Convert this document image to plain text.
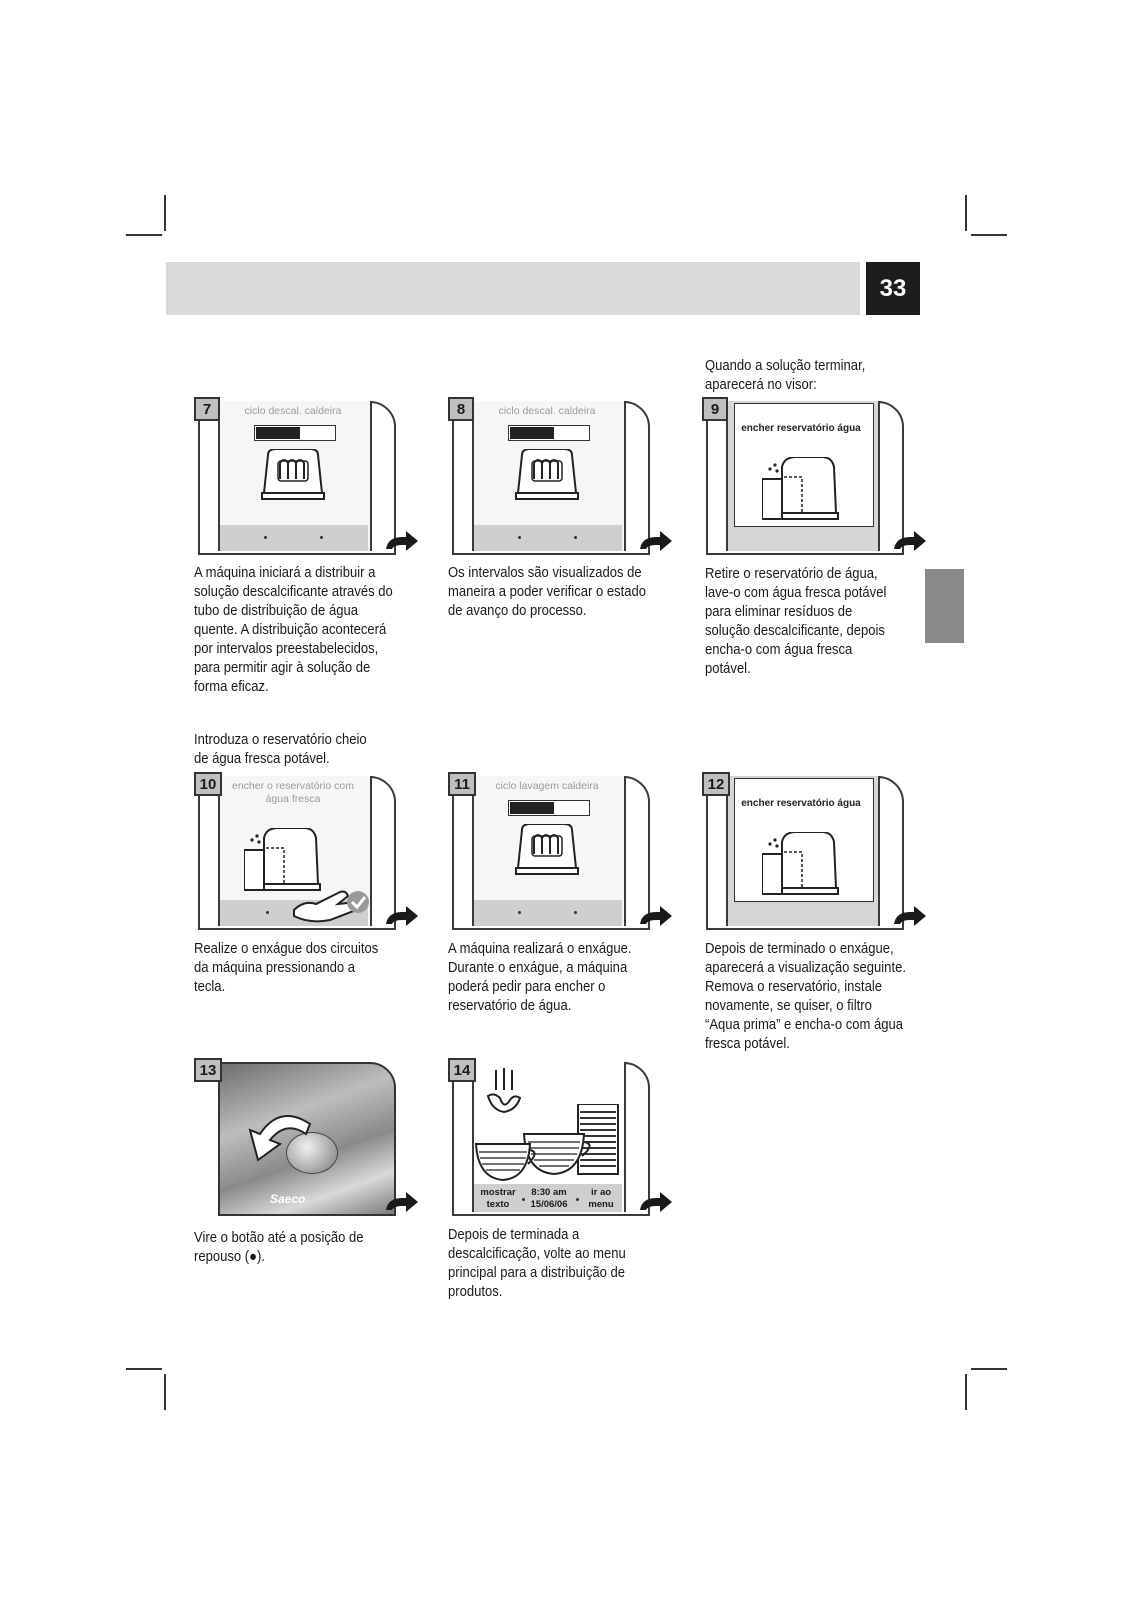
33
Quando a solução terminar,
aparecerá no visor:
Introduza o reservatório cheio
de água fresca potável.
7	ciclo descal. caldeira
A máquina iniciará a distribuir a
solução descalcificante através do
tubo de distribuição de água
quente. A distribuição acontecerá
por intervalos preestabelecidos,
para permitir agir à solução de
forma eficaz.
8	ciclo descal. caldeira
Os intervalos são visualizados de
maneira a poder verificar o estado
de avanço do processo.
9
encher reservatório água
Retire o reservatório de água,
lave-o com água fresca potável
para eliminar resíduos de
solução descalcificante, depois
encha-o com água fresca
potável.
10	encher o reservatório com
água fresca
Realize o enxágue dos circuitos
da máquina pressionando a
tecla.
11	ciclo lavagem caldeira
A máquina realizará o enxágue.
Durante o enxágue, a máquina
poderá pedir para encher o
reservatório de água.
12
encher reservatório água
Depois de terminado o enxágue,
aparecerá a visualização seguinte.
Remova o reservatório, instale
novamente, se quiser, o filtro
“Aqua prima” e encha-o com água
fresca potável.
Saeco
13
Vire o botão até a posição de
repouso (●).
14
mostrar
texto
8:30 am
15/06/06
ir ao
menu
Depois de terminada a
descalcificação, volte ao menu
principal para a distribuição de
produtos.
